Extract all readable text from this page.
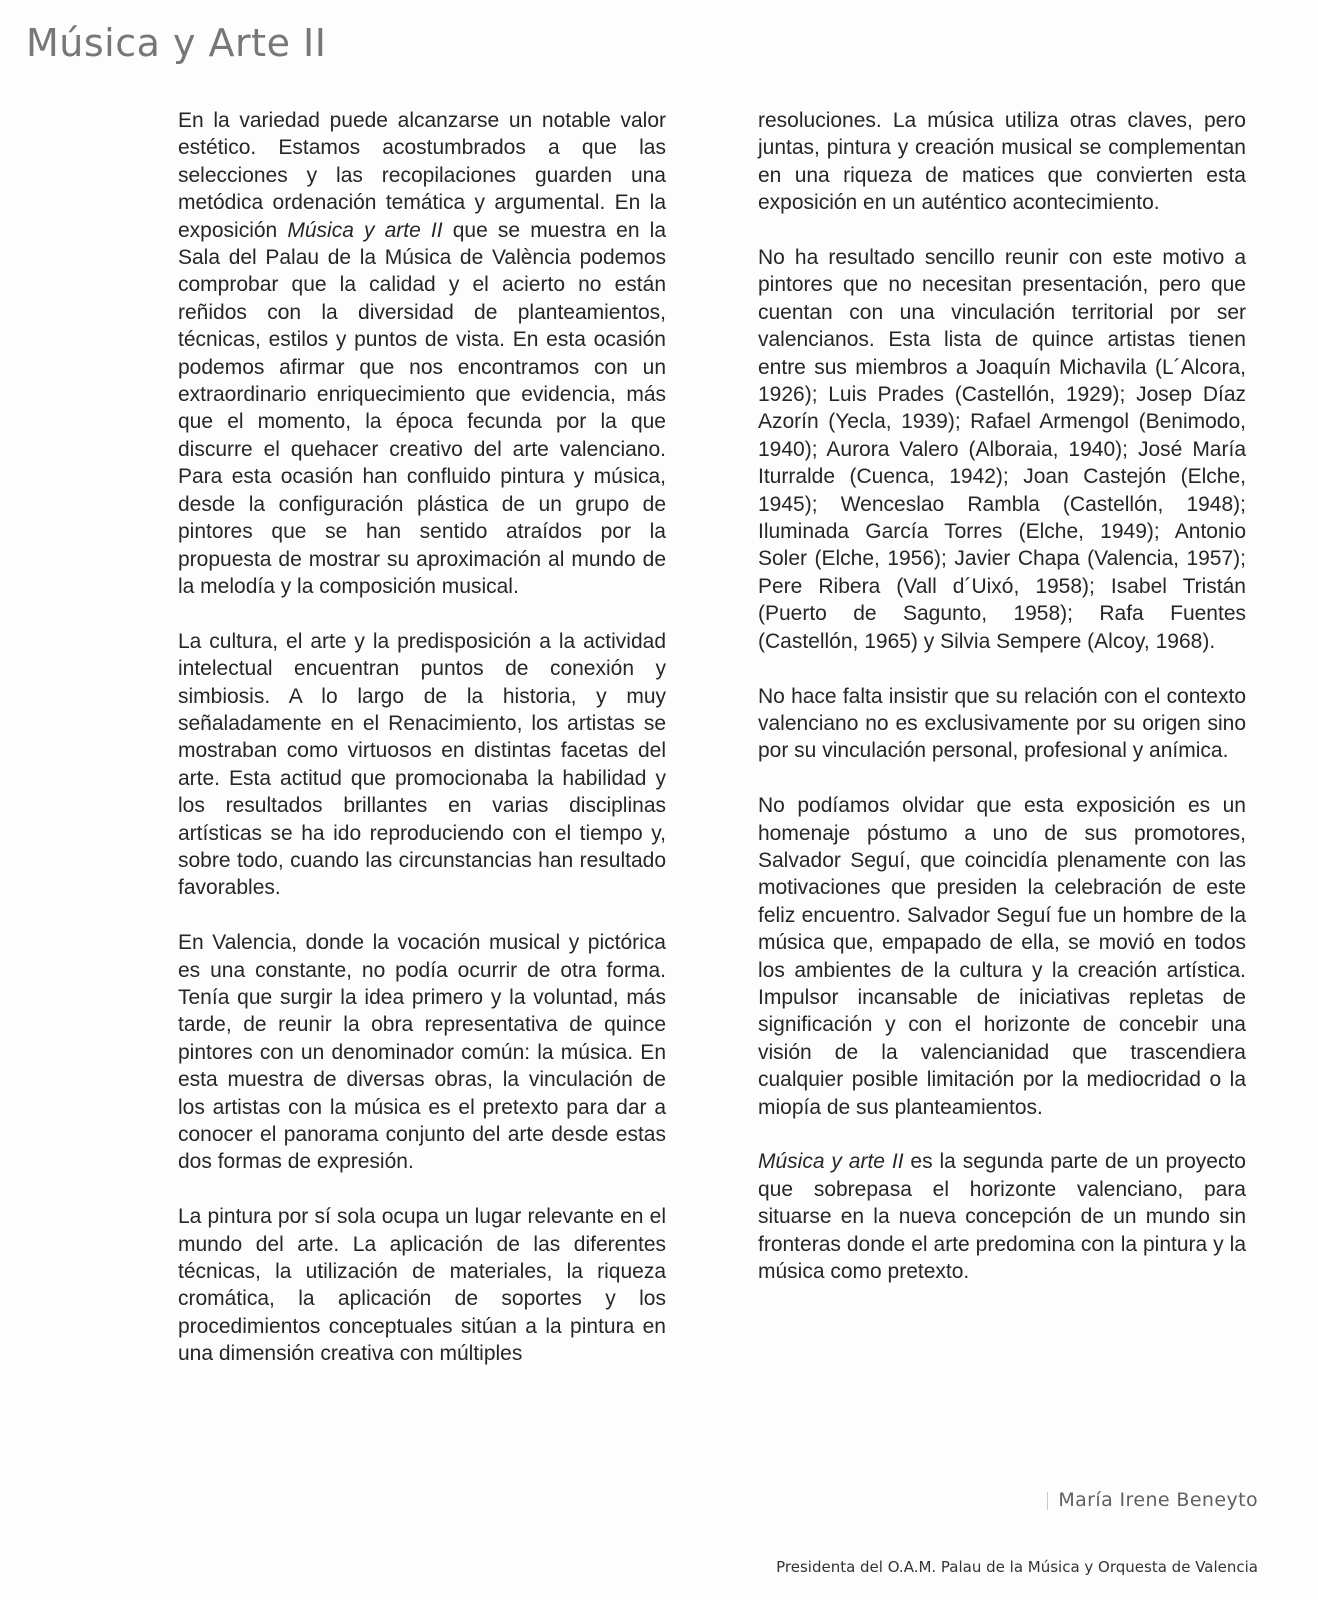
Música y Arte II

En la variedad puede alcanzarse un notable valor estético. Estamos acostumbrados a que las selecciones y las recopilaciones guarden una metódica ordenación temática y argumental. En la exposición Música y arte II que se muestra en la Sala del Palau de la Música de València podemos comprobar que la calidad y el acierto no están reñidos con la diversidad de planteamientos, técnicas, estilos y puntos de vista. En esta ocasión podemos afirmar que nos encontramos con un extraordinario enriquecimiento que evidencia, más que el momento, la época fecunda por la que discurre el quehacer creativo del arte valenciano. Para esta ocasión han confluido pintura y música, desde la configuración plástica de un grupo de pintores que se han sentido atraídos por la propuesta de mostrar su aproximación al mundo de la melodía y la composición musical.

La cultura, el arte y la predisposición a la actividad intelectual encuentran puntos de conexión y simbiosis. A lo largo de la historia, y muy señaladamente en el Renacimiento, los artistas se mostraban como virtuosos en distintas facetas del arte. Esta actitud que promocionaba la habilidad y los resultados brillantes en varias disciplinas artísticas se ha ido reproduciendo con el tiempo y, sobre todo, cuando las circunstancias han resultado favorables.

En Valencia, donde la vocación musical y pictórica es una constante, no podía ocurrir de otra forma. Tenía que surgir la idea primero y la voluntad, más tarde, de reunir la obra representativa de quince pintores con un denominador común: la música. En esta muestra de diversas obras, la vinculación de los artistas con la música es el pretexto para dar a conocer el panorama conjunto del arte desde estas dos formas de expresión.

La pintura por sí sola ocupa un lugar relevante en el mundo del arte. La aplicación de las diferentes técnicas, la utilización de materiales, la riqueza cromática, la aplicación de soportes y los procedimientos conceptuales sitúan a la pintura en una dimensión creativa con múltiples

resoluciones. La música utiliza otras claves, pero juntas, pintura y creación musical se complementan en una riqueza de matices que convierten esta exposición en un auténtico acontecimiento.

No ha resultado sencillo reunir con este motivo a pintores que no necesitan presentación, pero que cuentan con una vinculación territorial por ser valencianos. Esta lista de quince artistas tienen entre sus miembros a Joaquín Michavila (L´Alcora, 1926); Luis Prades (Castellón, 1929); Josep Díaz Azorín (Yecla, 1939); Rafael Armengol (Benimodo, 1940); Aurora Valero (Alboraia, 1940); José María Iturralde (Cuenca, 1942); Joan Castejón (Elche, 1945); Wenceslao Rambla (Castellón, 1948); Iluminada García Torres (Elche, 1949); Antonio Soler (Elche, 1956); Javier Chapa (Valencia, 1957); Pere Ribera (Vall d´Uixó, 1958); Isabel Tristán (Puerto de Sagunto, 1958); Rafa Fuentes (Castellón, 1965) y Silvia Sempere (Alcoy, 1968).

No hace falta insistir que su relación con el contexto valenciano no es exclusivamente por su origen sino por su vinculación personal, profesional y anímica.

No podíamos olvidar que esta exposición es un homenaje póstumo a uno de sus promotores, Salvador Seguí, que coincidía plenamente con las motivaciones que presiden la celebración de este feliz encuentro. Salvador Seguí fue un hombre de la música que, empapado de ella, se movió en todos los ambientes de la cultura y la creación artística. Impulsor incansable de iniciativas repletas de significación y con el horizonte de concebir una visión de la valencianidad que trascendiera cualquier posible limitación por la mediocridad o la miopía de sus planteamientos.

Música y arte II es la segunda parte de un proyecto que sobrepasa el horizonte valenciano, para situarse en la nueva concepción de un mundo sin fronteras donde el arte predomina con la pintura y la música como pretexto.

María Irene Beneyto
Presidenta del O.A.M. Palau de la Música y Orquesta de Valencia
